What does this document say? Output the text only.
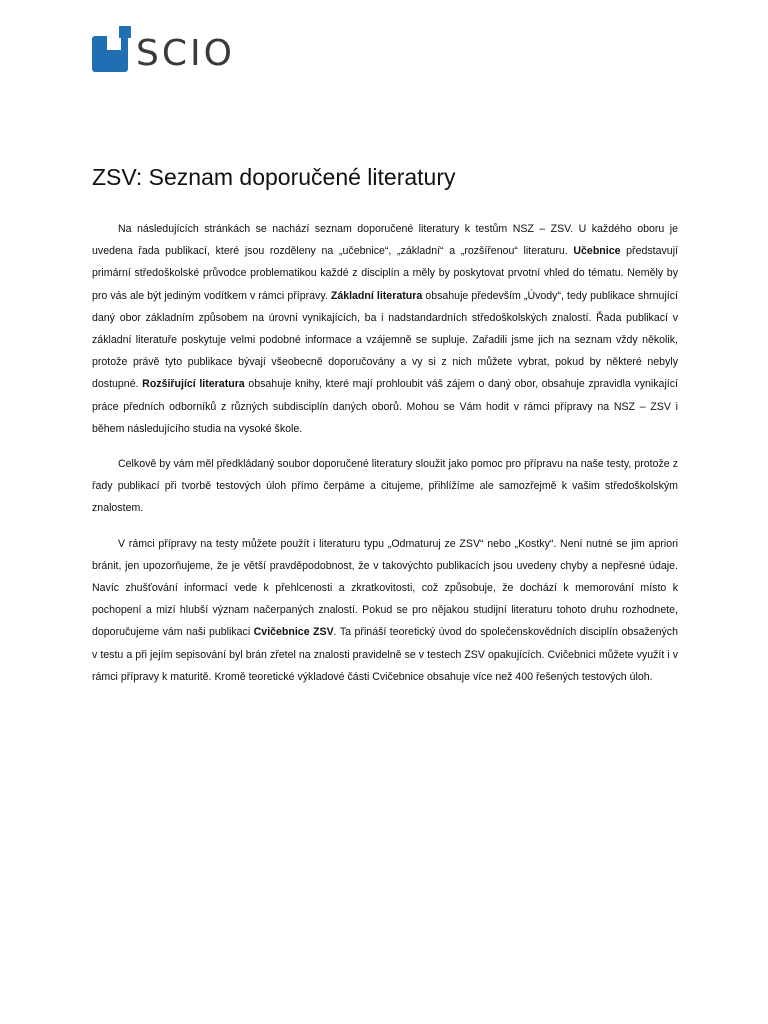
SCIO
ZSV: Seznam doporučené literatury

Na následujících stránkách se nachází seznam doporučené literatury k testům NSZ – ZSV. U každého oboru je uvedena řada publikací, které jsou rozděleny na „učebnice“, „základní“ a „rozšířenou“ literaturu. Učebnice představují primární středoškolské průvodce problematikou každé z disciplín a měly by poskytovat prvotní vhled do tématu. Neměly by pro vás ale být jediným vodítkem v rámci přípravy. Základní literatura obsahuje především „Úvody“, tedy publikace shrnující daný obor základním způsobem na úrovni vynikajících, ba i nadstandardních středoškolských znalostí. Řada publikací v základní literatuře poskytuje velmi podobné informace a vzájemně se supluje. Zařadili jsme jich na seznam vždy několik, protože právě tyto publikace bývají všeobecně doporučovány a vy si z nich můžete vybrat, pokud by některé nebyly dostupné. Rozšiřující literatura obsahuje knihy, které mají prohloubit váš zájem o daný obor, obsahuje zpravidla vynikající práce předních odborníků z různých subdisciplín daných oborů. Mohou se Vám hodit v rámci přípravy na NSZ – ZSV i během následujícího studia na vysoké škole.

Celkově by vám měl předkládaný soubor doporučené literatury sloužit jako pomoc pro přípravu na naše testy, protože z řady publikací při tvorbě testových úloh přímo čerpáme a citujeme, přihlížíme ale samozřejmě k vašim středoškolským znalostem.

V rámci přípravy na testy můžete použít i literaturu typu „Odmaturuj ze ZSV“ nebo „Kostky“. Není nutné se jim apriori bránit, jen upozorňujeme, že je větší pravděpodobnost, že v takovýchto publikacích jsou uvedeny chyby a nepřesné údaje. Navíc zhušťování informací vede k přehlcenosti a zkratkovitosti, což způsobuje, že dochází k memorování místo k pochopení a mizí hlubší význam načerpaných znalostí. Pokud se pro nějakou studijní literaturu tohoto druhu rozhodnete, doporučujeme vám naši publikaci Cvičebnice ZSV. Ta přináší teoretický úvod do společenskovědních disciplín obsažených v testu a při jejím sepisování byl brán zřetel na znalosti pravidelně se v testech ZSV opakujících. Cvičebnici můžete využít i v rámci přípravy k maturitě. Kromě teoretické výkladové části Cvičebnice obsahuje více než 400 řešených testových úloh.
